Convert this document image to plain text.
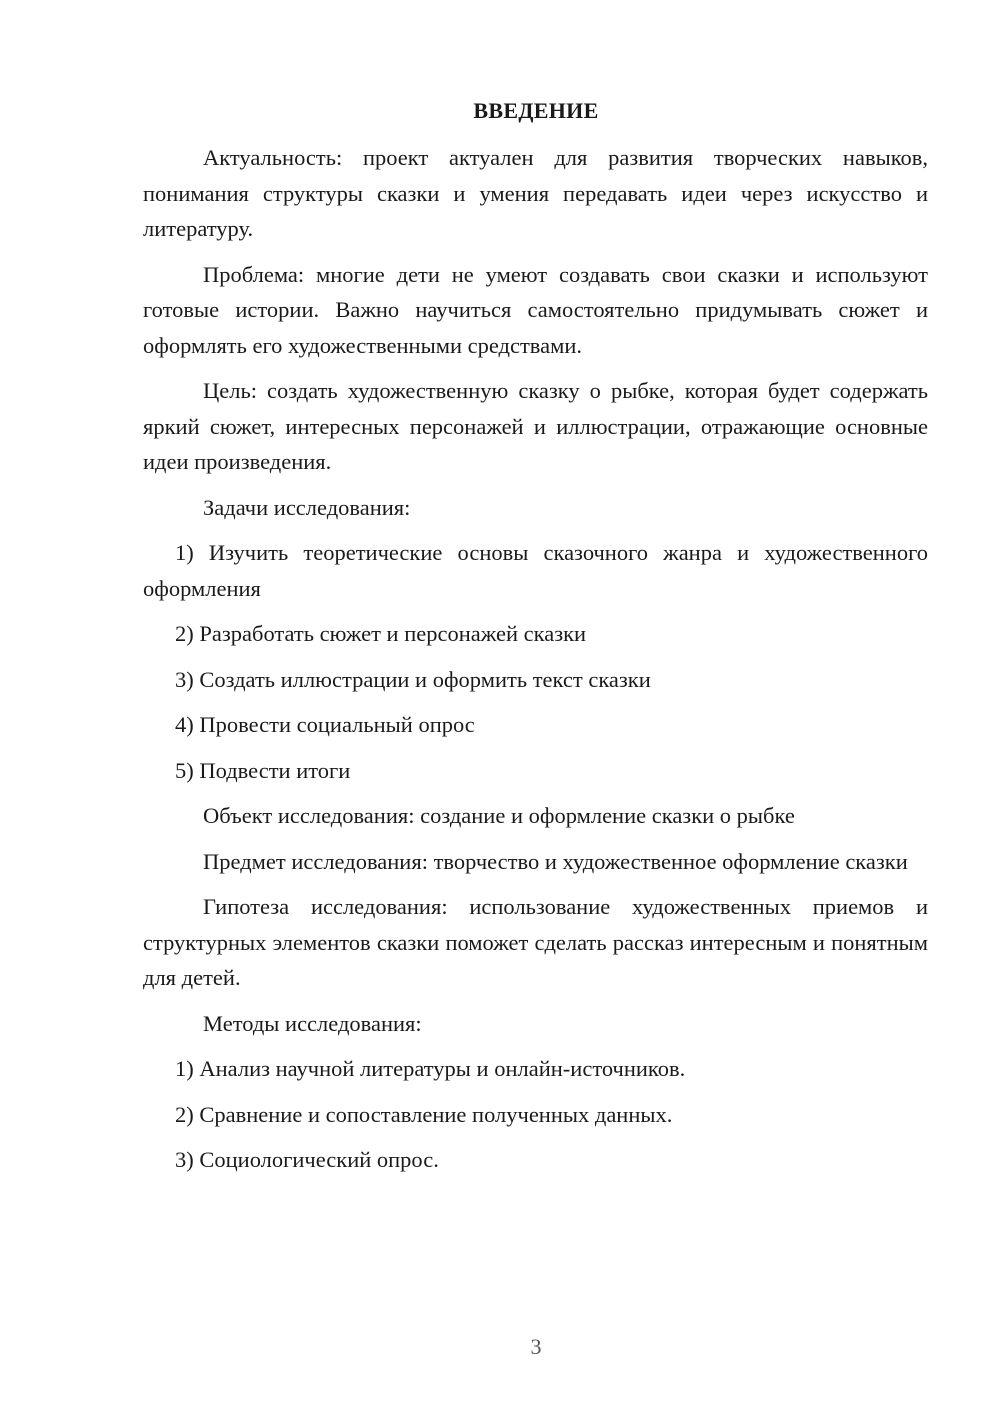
ВВЕДЕНИЕ

Актуальность: проект актуален для развития творческих навыков, понимания структуры сказки и умения передавать идеи через искусство и литературу.

Проблема: многие дети не умеют создавать свои сказки и используют готовые истории. Важно научиться самостоятельно придумывать сюжет и оформлять его художественными средствами.

Цель: создать художественную сказку о рыбке, которая будет содержать яркий сюжет, интересных персонажей и иллюстрации, отражающие основные идеи произведения.

Задачи исследования:

1) Изучить теоретические основы сказочного жанра и художественного оформления

2) Разработать сюжет и персонажей сказки

3) Создать иллюстрации и оформить текст сказки

4) Провести социальный опрос

5) Подвести итоги

Объект исследования: создание и оформление сказки о рыбке

Предмет исследования: творчество и художественное оформление сказки

Гипотеза исследования: использование художественных приемов и структурных элементов сказки поможет сделать рассказ интересным и понятным для детей.

Методы исследования:

1) Анализ научной литературы и онлайн-источников.

2) Сравнение и сопоставление полученных данных.

3) Социологический опрос.

3
